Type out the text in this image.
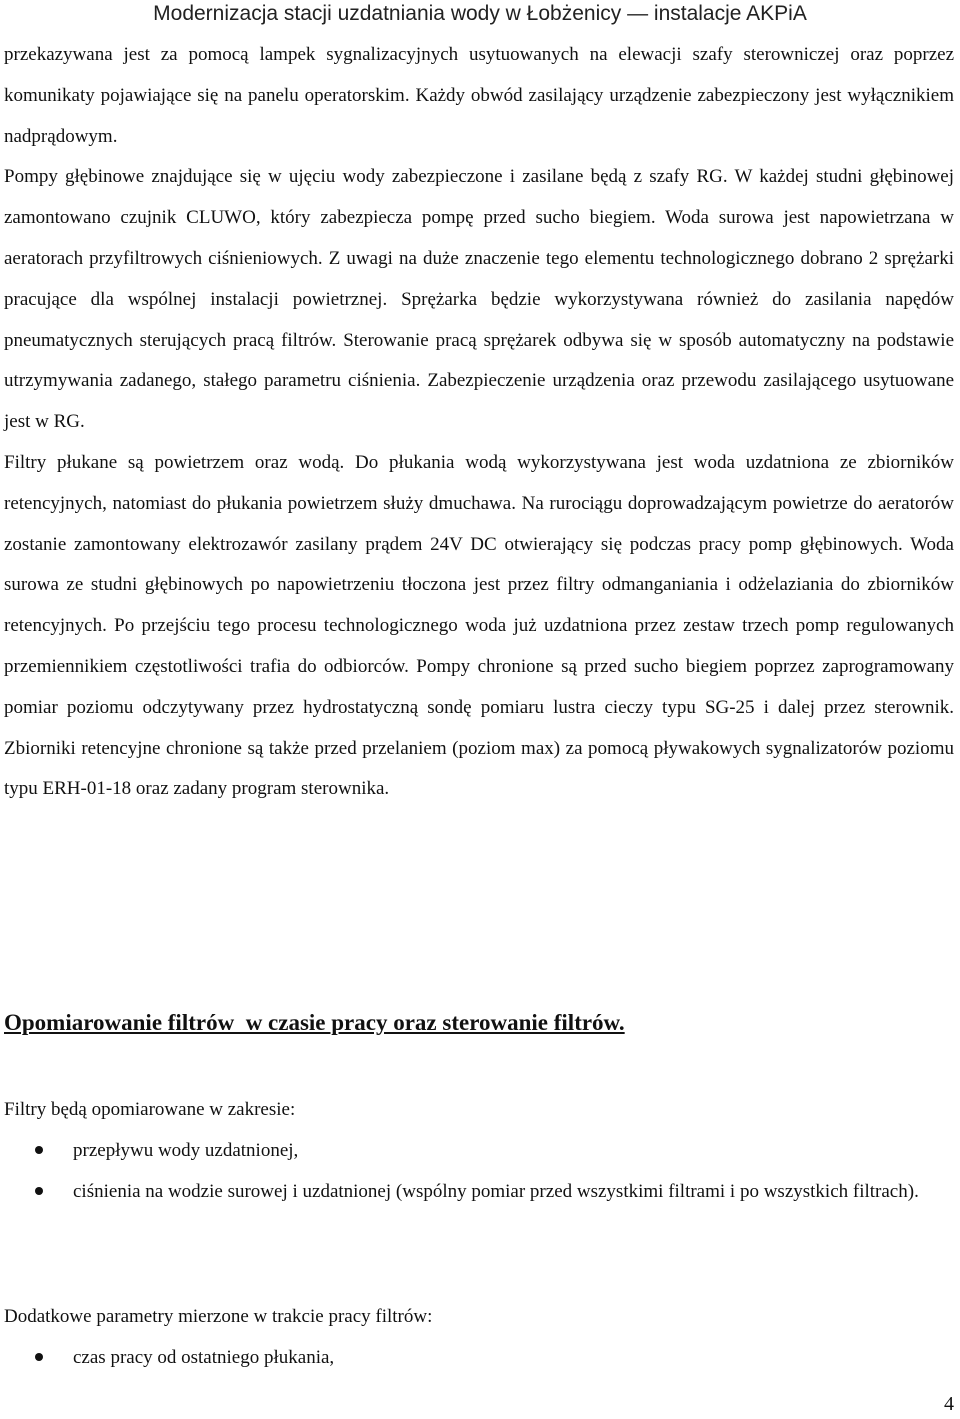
Modernizacja stacji uzdatniania wody w Łobżenicy — instalacje AKPiA

przekazywana jest za pomocą lampek sygnalizacyjnych usytuowanych na elewacji szafy sterowniczej oraz poprzez komunikaty pojawiające się na panelu operatorskim. Każdy obwód zasilający urządzenie zabezpieczony jest wyłącznikiem nadprądowym.

Pompy głębinowe znajdujące się w ujęciu wody zabezpieczone i zasilane będą z szafy RG. W każdej studni głębinowej zamontowano czujnik CLUWO, który zabezpiecza pompę przed sucho biegiem. Woda surowa jest napowietrzana w aeratorach przyfiltrowych ciśnieniowych. Z uwagi na duże znaczenie tego elementu technologicznego dobrano 2 sprężarki pracujące dla wspólnej instalacji powietrznej. Sprężarka będzie wykorzystywana również do zasilania napędów pneumatycznych sterujących pracą filtrów. Sterowanie pracą sprężarek odbywa się w sposób automatyczny na podstawie utrzymywania zadanego, stałego parametru ciśnienia. Zabezpieczenie urządzenia oraz przewodu zasilającego usytuowane jest w RG.

Filtry płukane są powietrzem oraz wodą. Do płukania wodą wykorzystywana jest woda uzdatniona ze zbiorników retencyjnych, natomiast do płukania powietrzem służy dmuchawa. Na rurociągu doprowadzającym powietrze do aeratorów zostanie zamontowany elektrozawór zasilany prądem 24V DC otwierający się podczas pracy pomp głębinowych. Woda surowa ze studni głębinowych po napowietrzeniu tłoczona jest przez filtry odmanganiania i odżelaziania do zbiorników retencyjnych. Po przejściu tego procesu technologicznego woda już uzdatniona przez zestaw trzech pomp regulowanych przemiennikiem częstotliwości trafia do odbiorców. Pompy chronione są przed sucho biegiem poprzez zaprogramowany pomiar poziomu odczytywany przez hydrostatyczną sondę pomiaru lustra cieczy typu SG-25 i dalej przez sterownik. Zbiorniki retencyjne chronione są także przed przelaniem (poziom max) za pomocą pływakowych sygnalizatorów poziomu typu ERH-01-18 oraz zadany program sterownika.

Opomiarowanie filtrów  w czasie pracy oraz sterowanie filtrów.

Filtry będą opomiarowane w zakresie:

przepływu wody uzdatnionej,
ciśnienia na wodzie surowej i uzdatnionej (wspólny pomiar przed wszystkimi filtrami i po wszystkich filtrach).

Dodatkowe parametry mierzone w trakcie pracy filtrów:

czas pracy od ostatniego płukania,
4
